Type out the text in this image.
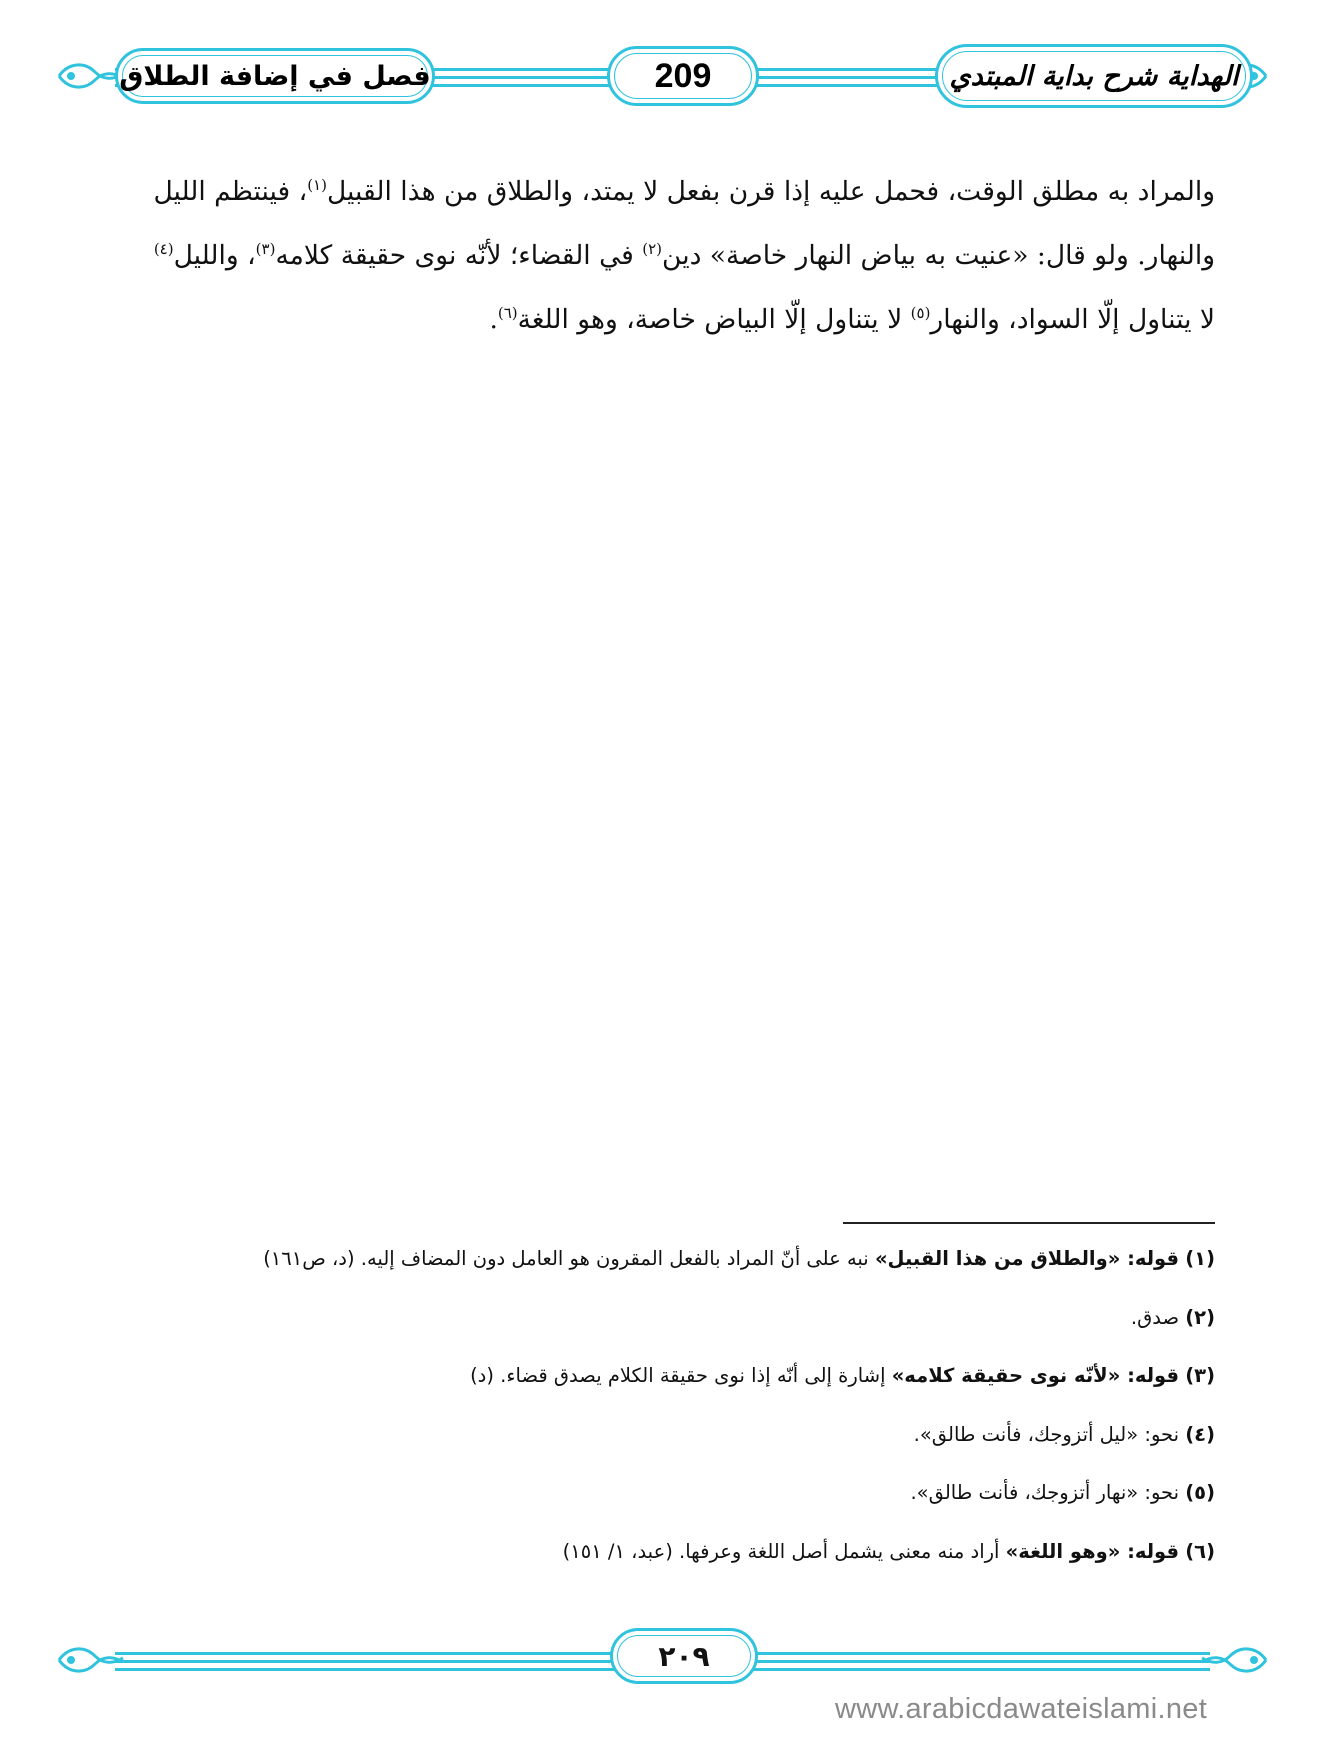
فصل في إضافة الطلاق	209	الهداية شرح بداية المبتدي

والمراد به مطلق الوقت، فحمل عليه إذا قرن بفعل لا يمتد، والطلاق من هذا القبيل$^{(١)}$، فينتظم الليل

والنهار. ولو قال: «عنيت به بياض النهار خاصة» دين$^{(٢)}$ في القضاء؛ لأنّه نوى حقيقة كلامه$^{(٣)}$، والليل$^{(٤)}$

لا يتناول إلّا السواد، والنهار$^{(٥)}$ لا يتناول إلّا البياض خاصة، وهو اللغة$^{(٦)}$.

(١) قوله: «والطلاق من هذا القبيل» نبه على أنّ المراد بالفعل المقرون هو العامل دون المضاف إليه. (د، ص١٦١)
(٢) صدق.
(٣) قوله: «لأنّه نوى حقيقة كلامه» إشارة إلى أنّه إذا نوى حقيقة الكلام يصدق قضاء. (د)
(٤) نحو: «ليل أتزوجك، فأنت طالق».
(٥) نحو: «نهار أتزوجك، فأنت طالق».
(٦) قوله: «وهو اللغة» أراد منه معنى يشمل أصل اللغة وعرفها. (عبد، ١/ ١٥١)
٢٠٩
www.arabicdawateislami.net
